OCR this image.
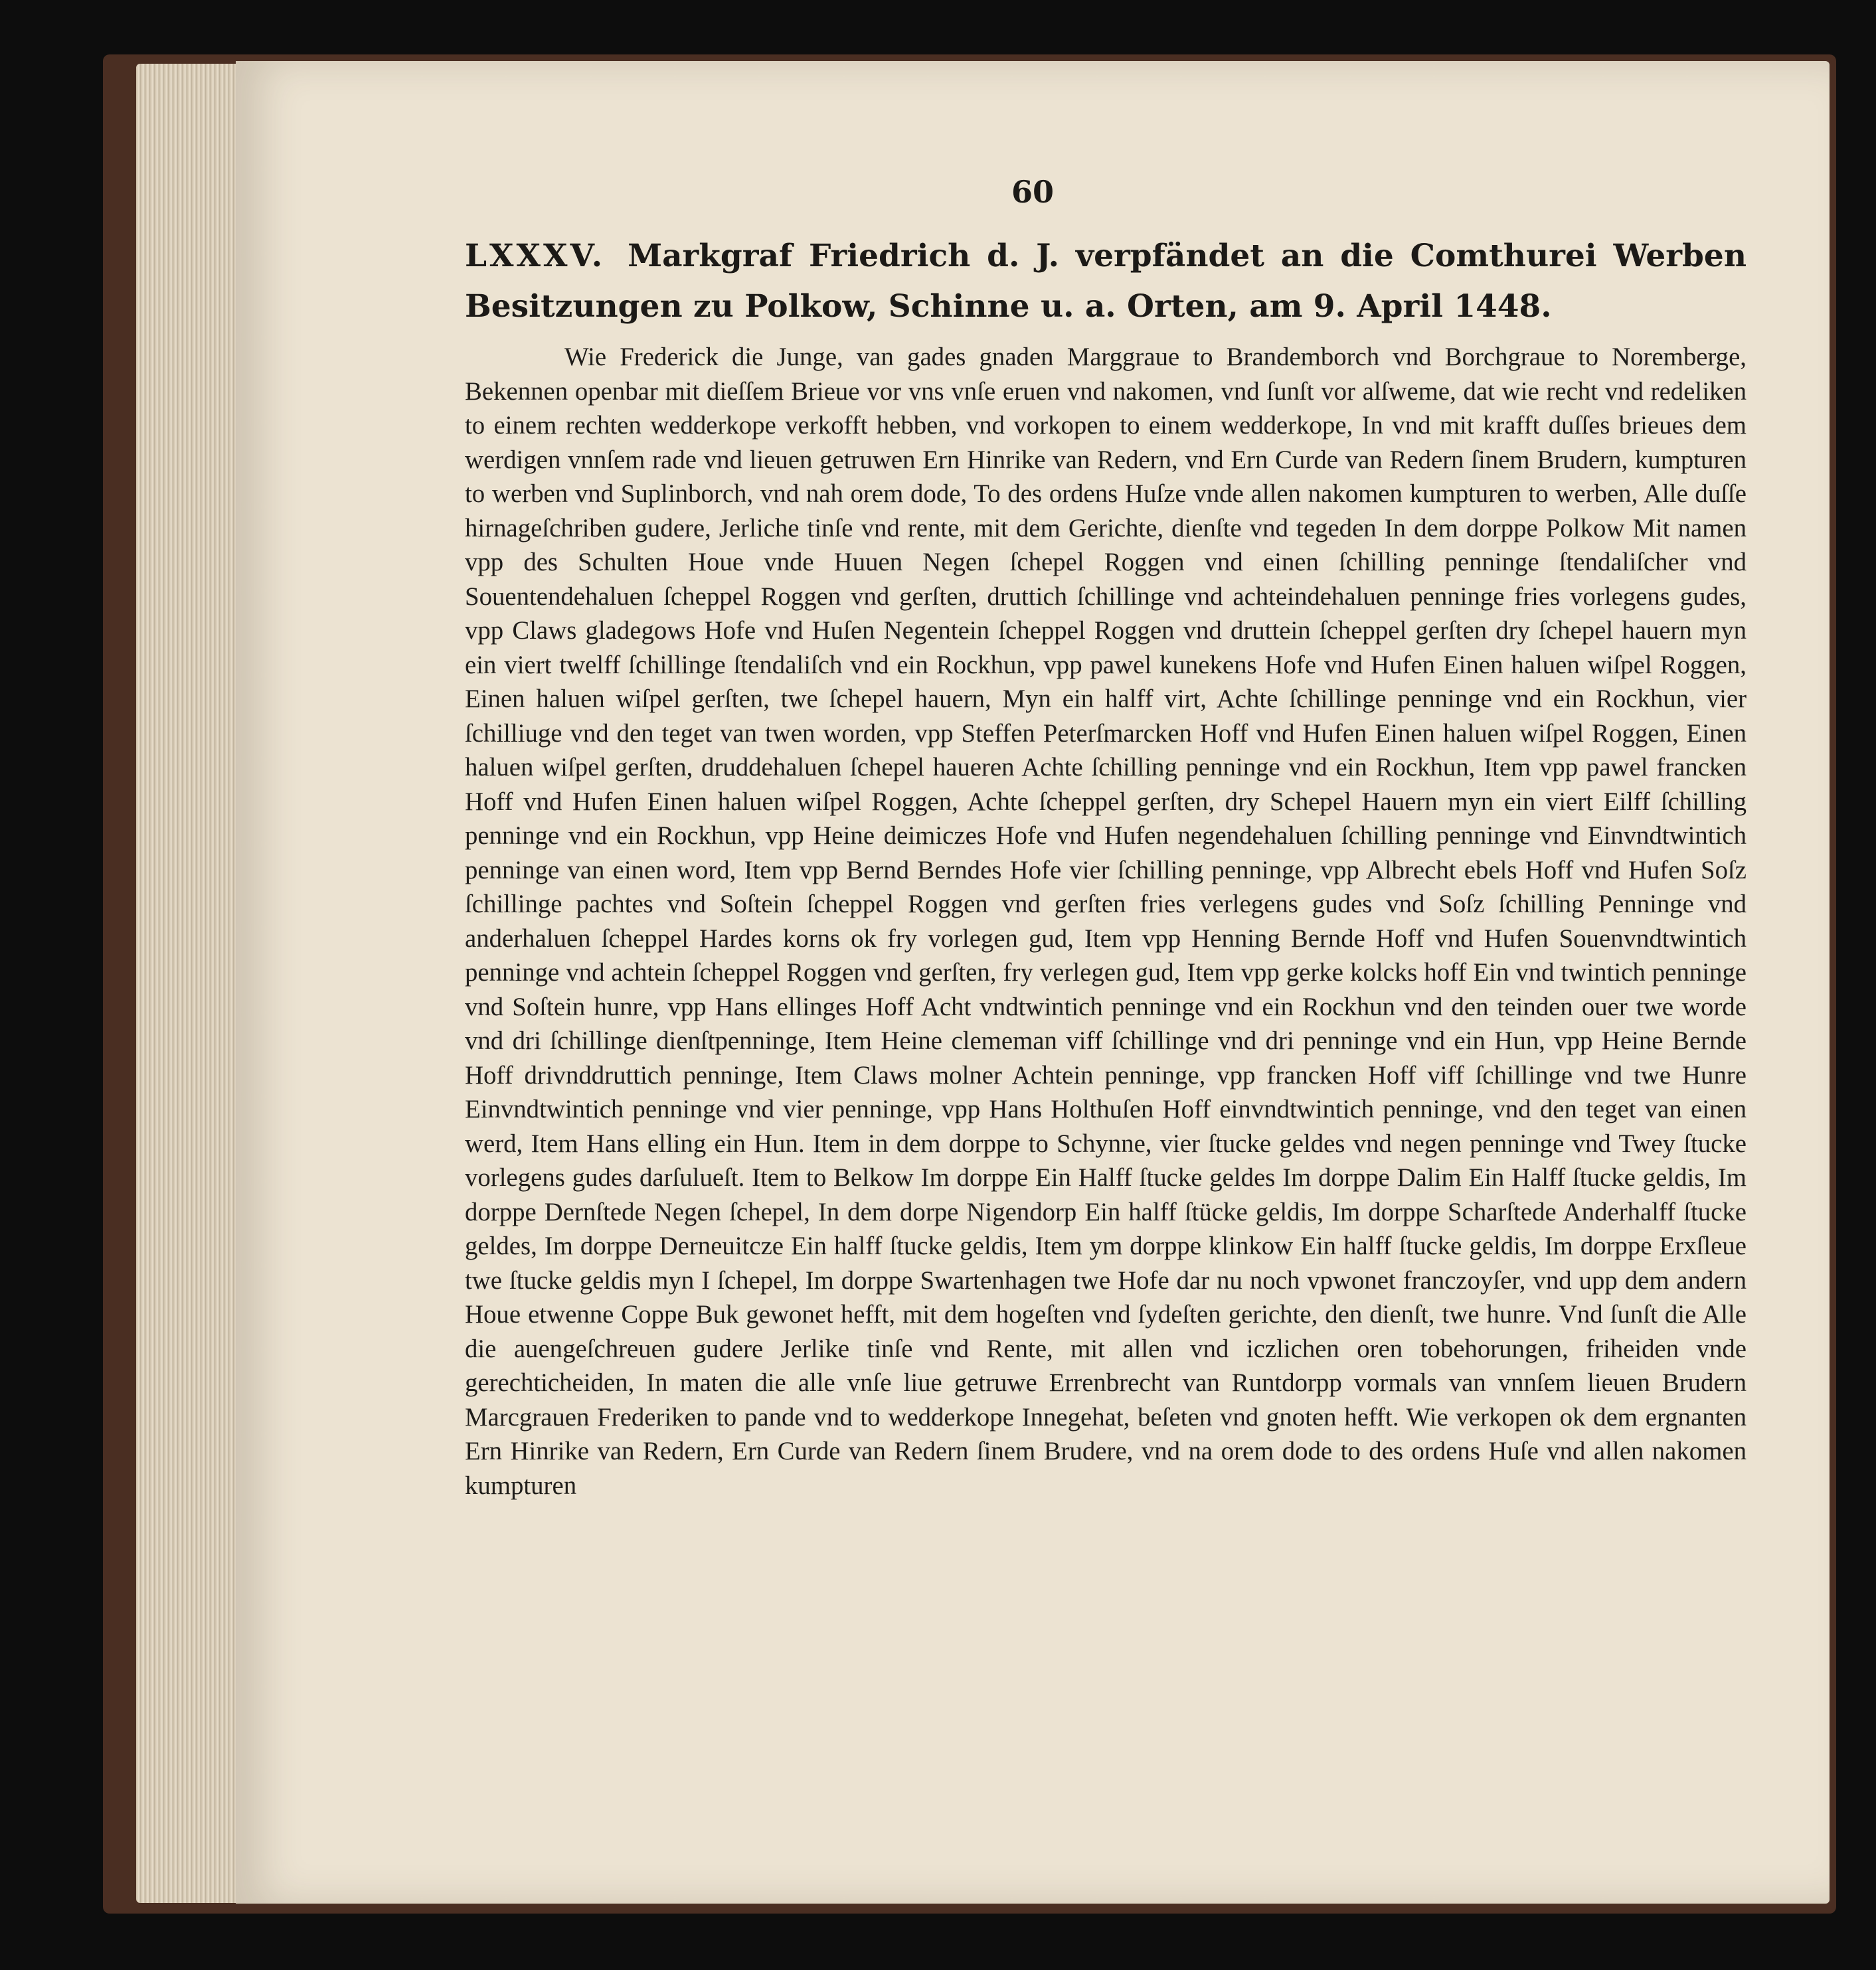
60
LXXXV. Markgraf Friedrich d. J. verpfändet an die Comthurei Werben Besitzungen zu Polkow, Schinne u. a. Orten, am 9. April 1448.

Wie Frederick die Junge, van gades gnaden Marggraue to Brandemborch vnd Borchgraue to Noremberge, Bekennen openbar mit dieſſem Brieue vor vns vnſe eruen vnd nakomen, vnd ſunſt vor alſweme, dat wie recht vnd redeliken to einem rechten wedderkope verkofft hebben, vnd vorkopen to einem wedderkope, In vnd mit krafft duſſes brieues dem werdigen vnnſem rade vnd lieuen getruwen Ern Hinrike van Redern, vnd Ern Curde van Redern ſinem Brudern, kumpturen to werben vnd Suplinborch, vnd nah orem dode, To des ordens Huſze vnde allen nakomen kumpturen to werben, Alle duſſe hirnageſchriben gudere, Jerliche tinſe vnd rente, mit dem Gerichte, dienſte vnd tegeden In dem dorppe Polkow Mit namen vpp des Schulten Houe vnde Huuen Negen ſchepel Roggen vnd einen ſchilling penninge ſtendaliſcher vnd Souentendehaluen ſcheppel Roggen vnd gerſten, druttich ſchillinge vnd achteindehaluen penninge fries vorlegens gudes, vpp Claws gladegows Hofe vnd Huſen Negentein ſcheppel Roggen vnd druttein ſcheppel gerſten dry ſchepel hauern myn ein viert twelff ſchillinge ſtendaliſch vnd ein Rockhun, vpp pawel kunekens Hofe vnd Hufen Einen haluen wiſpel Roggen, Einen haluen wiſpel gerſten, twe ſchepel hauern, Myn ein halff virt, Achte ſchillinge penninge vnd ein Rockhun, vier ſchilliuge vnd den teget van twen worden, vpp Steffen Peterſmarcken Hoff vnd Hufen Einen haluen wiſpel Roggen, Einen haluen wiſpel gerſten, druddehaluen ſchepel haueren Achte ſchilling penninge vnd ein Rockhun, Item vpp pawel francken Hoff vnd Hufen Einen haluen wiſpel Roggen, Achte ſcheppel gerſten, dry Schepel Hauern myn ein viert Eilff ſchilling penninge vnd ein Rockhun, vpp Heine deimiczes Hofe vnd Hufen negendehaluen ſchilling penninge vnd Einvndtwintich penninge van einen word, Item vpp Bernd Berndes Hofe vier ſchilling penninge, vpp Albrecht ebels Hoff vnd Hufen Soſz ſchillinge pachtes vnd Soſtein ſcheppel Roggen vnd gerſten fries verlegens gudes vnd Soſz ſchilling Penninge vnd anderhaluen ſcheppel Hardes korns ok fry vorlegen gud, Item vpp Henning Bernde Hoff vnd Hufen Souenvndtwintich penninge vnd achtein ſcheppel Roggen vnd gerſten, fry verlegen gud, Item vpp gerke kolcks hoff Ein vnd twintich penninge vnd Soſtein hunre, vpp Hans ellinges Hoff Acht vndtwintich penninge vnd ein Rockhun vnd den teinden ouer twe worde vnd dri ſchillinge dienſtpenninge, Item Heine clememan viff ſchillinge vnd dri penninge vnd ein Hun, vpp Heine Bernde Hoff drivnddruttich penninge, Item Claws molner Achtein penninge, vpp francken Hoff viff ſchillinge vnd twe Hunre Einvndtwintich penninge vnd vier penninge, vpp Hans Holthuſen Hoff einvndtwintich penninge, vnd den teget van einen werd, Item Hans elling ein Hun. Item in dem dorppe to Schynne, vier ſtucke geldes vnd negen penninge vnd Twey ſtucke vorlegens gudes darſulueſt. Item to Belkow Im dorppe Ein Halff ſtucke geldes Im dorppe Dalim Ein Halff ſtucke geldis, Im dorppe Dernſtede Negen ſchepel, In dem dorpe Nigendorp Ein halff ſtücke geldis, Im dorppe Scharſtede Anderhalff ſtucke geldes, Im dorppe Derneuitcze Ein halff ſtucke geldis, Item ym dorppe klinkow Ein halff ſtucke geldis, Im dorppe Erxſleue twe ſtucke geldis myn I ſchepel, Im dorppe Swartenhagen twe Hofe dar nu noch vpwonet franczoyſer, vnd upp dem andern Houe etwenne Coppe Buk gewonet hefft, mit dem hogeſten vnd ſydeſten gerichte, den dienſt, twe hunre. Vnd ſunſt die Alle die auengeſchreuen gudere Jerlike tinſe vnd Rente, mit allen vnd iczlichen oren tobehorungen, friheiden vnde gerechticheiden, In maten die alle vnſe liue getruwe Errenbrecht van Runtdorpp vormals van vnnſem lieuen Brudern Marcgrauen Frederiken to pande vnd to wedderkope Innegehat, beſeten vnd gnoten hefft. Wie verkopen ok dem ergnanten Ern Hinrike van Redern, Ern Curde van Redern ſinem Brudere, vnd na orem dode to des ordens Huſe vnd allen nakomen kumpturen
